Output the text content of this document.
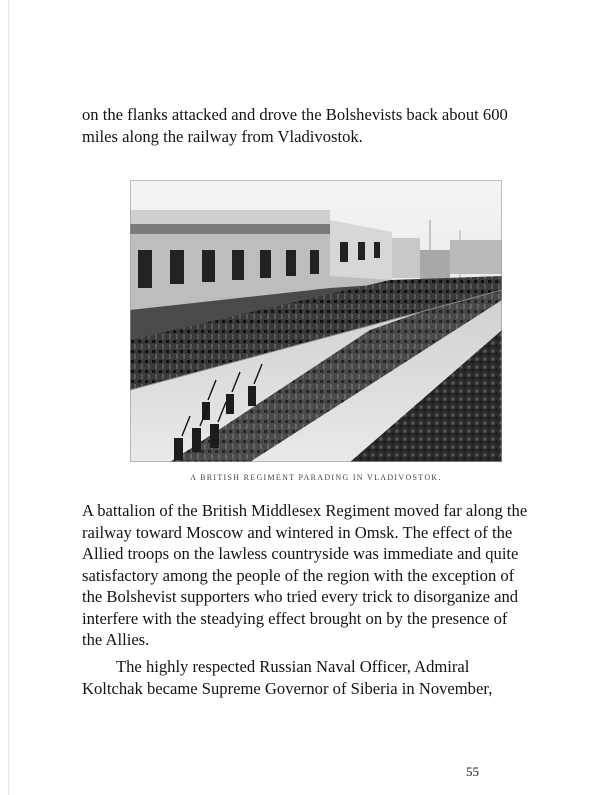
on the flanks attacked and drove the Bolshevists back about 600 miles along the railway from Vladivostok.

A BRITISH REGIMENT PARADING IN VLADIVOSTOK.

A battalion of the British Middlesex Regiment moved far along the railway toward Moscow and wintered in Omsk. The effect of the Allied troops on the lawless countryside was immediate and quite satisfactory among the people of the region with the exception of the Bolshevist supporters who tried every trick to disorganize and interfere with the steadying effect brought on by the presence of the Allies.

The highly respected Russian Naval Officer, Admiral Koltchak became Supreme Governor of Siberia in November,

55
